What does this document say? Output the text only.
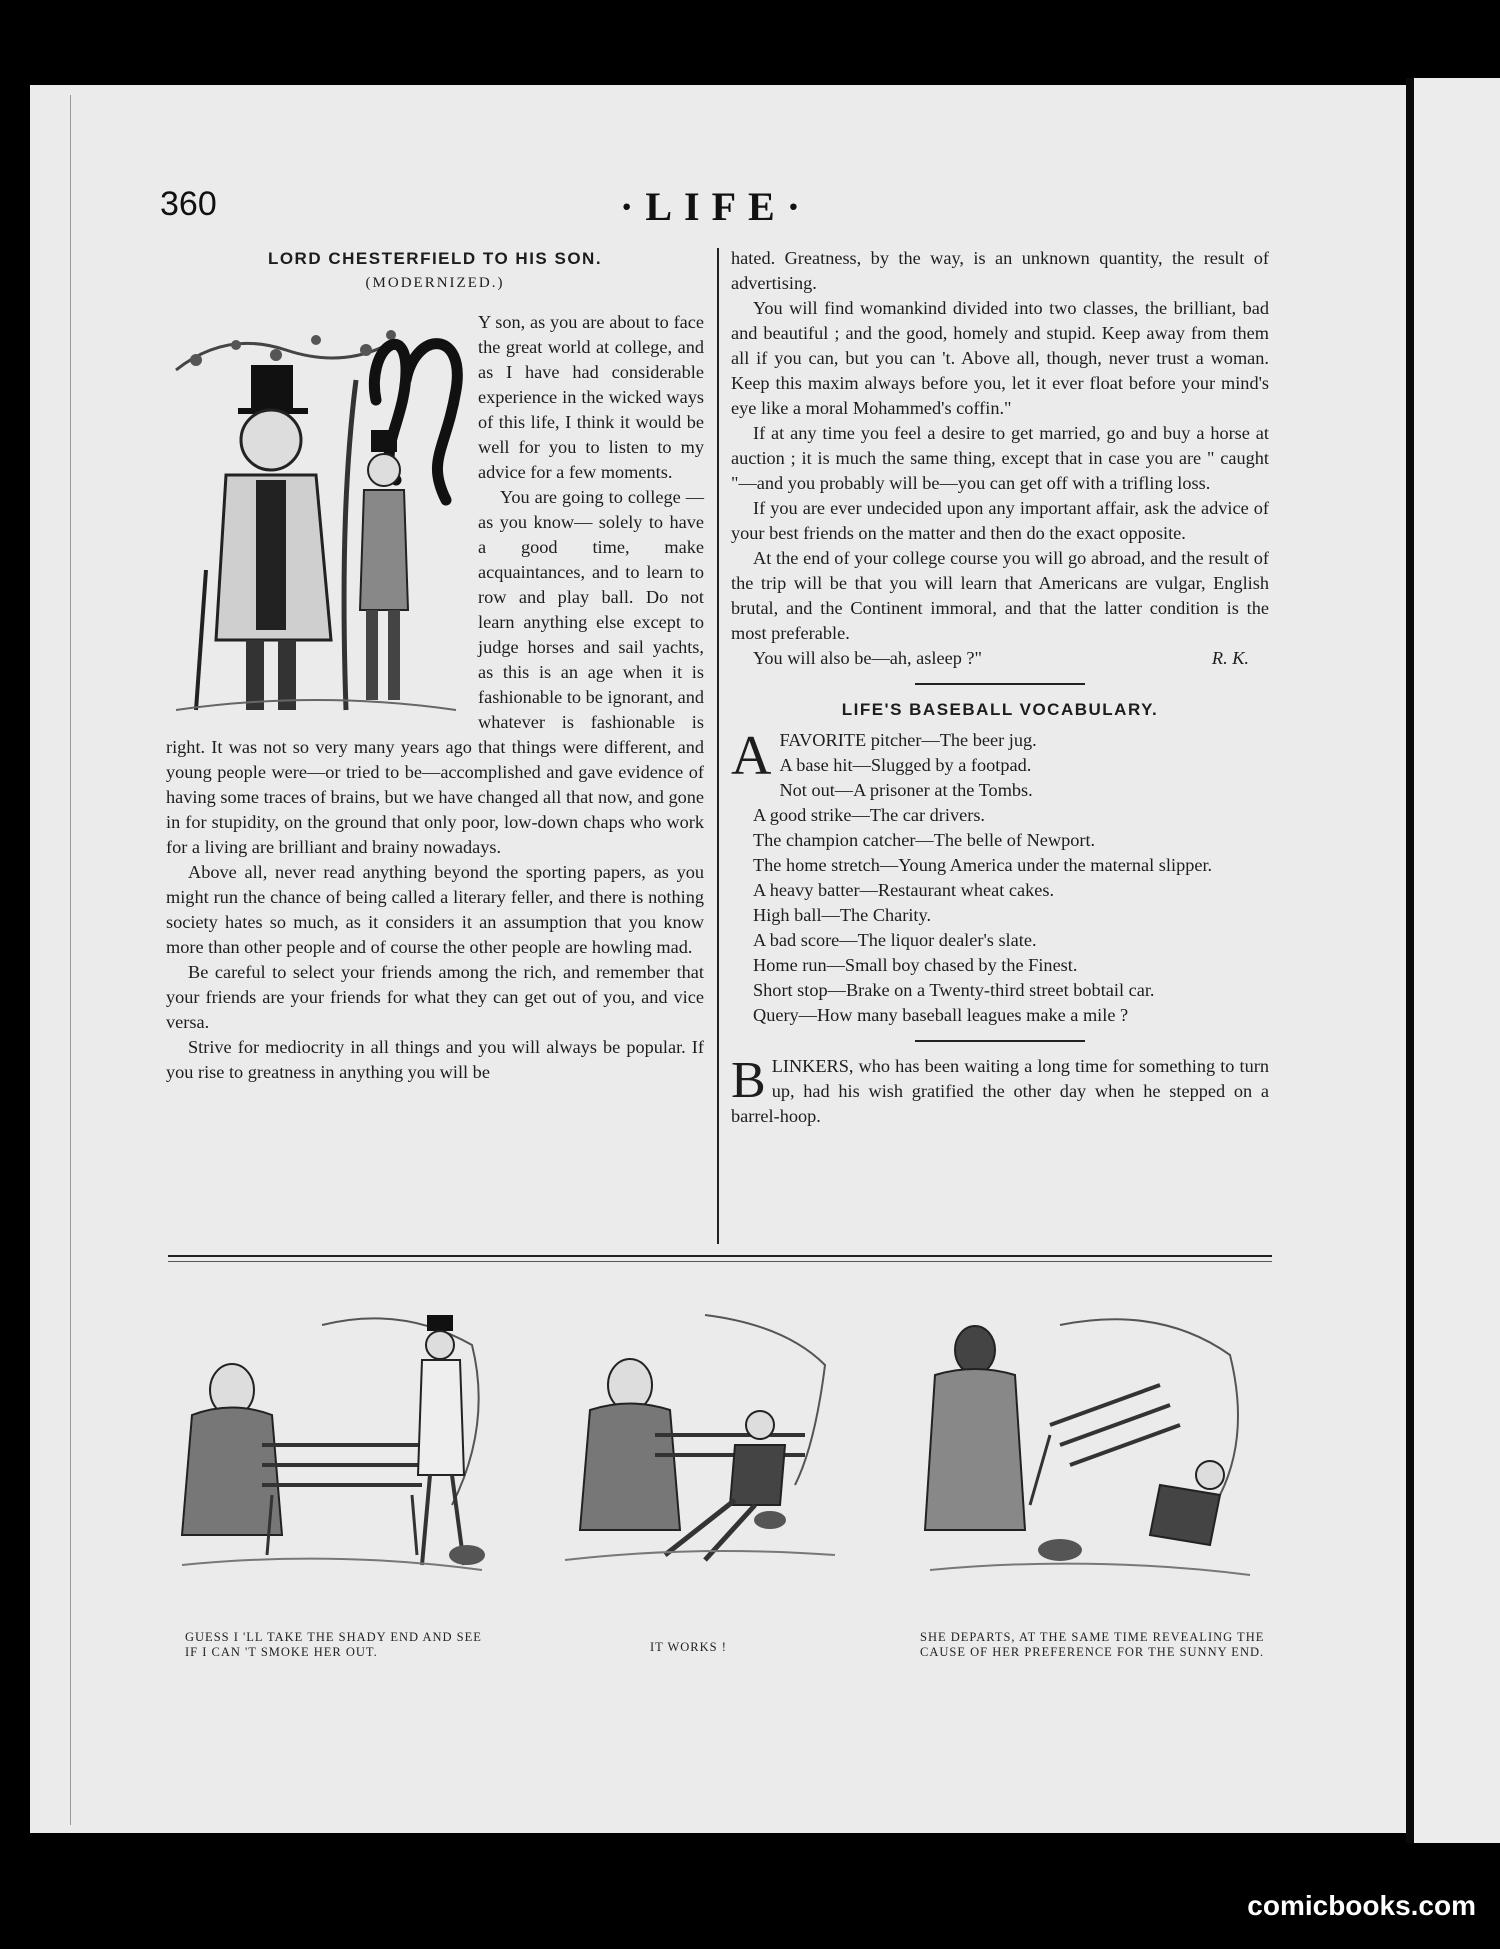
360	·LIFE·

LORD CHESTERFIELD TO HIS SON.

(MODERNIZED.)

Y son, as you are about to face the great world at college, and as I have had considerable experience in the wicked ways of this life, I think it would be well for you to listen to my advice for a few moments.

You are going to college — as you know— solely to have a good time, make acquaintances, and to learn to row and play ball. Do not learn anything else except to judge horses and sail yachts, as this is an age when it is fashionable to be ignorant, and whatever is fashionable is right. It was not so very many years ago that things were different, and young people were—or tried to be—accomplished and gave evidence of having some traces of brains, but we have changed all that now, and gone in for stupidity, on the ground that only poor, low-down chaps who work for a living are brilliant and brainy nowadays.

Above all, never read anything beyond the sporting papers, as you might run the chance of being called a literary feller, and there is nothing society hates so much, as it considers it an assumption that you know more than other people and of course the other people are howling mad.

Be careful to select your friends among the rich, and remember that your friends are your friends for what they can get out of you, and vice versa.

Strive for mediocrity in all things and you will always be popular. If you rise to greatness in anything you will be

hated. Greatness, by the way, is an unknown quantity, the result of advertising.

You will find womankind divided into two classes, the brilliant, bad and beautiful ; and the good, homely and stupid. Keep away from them all if you can, but you can 't. Above all, though, never trust a woman. Keep this maxim always before you, let it ever float before your mind's eye like a moral Mohammed's coffin."

If at any time you feel a desire to get married, go and buy a horse at auction ; it is much the same thing, except that in case you are " caught "—and you probably will be—you can get off with a trifling loss.

If you are ever undecided upon any important affair, ask the advice of your best friends on the matter and then do the exact opposite.

At the end of your college course you will go abroad, and the result of the trip will be that you will learn that Americans are vulgar, English brutal, and the Continent immoral, and that the latter condition is the most preferable.

You will also be—ah, asleep ?"	R. K.

LIFE'S BASEBALL VOCABULARY.

A FAVORITE pitcher—The beer jug.

A base hit—Slugged by a footpad.

Not out—A prisoner at the Tombs.

A good strike—The car drivers.

The champion catcher—The belle of Newport.

The home stretch—Young America under the maternal slipper.

A heavy batter—Restaurant wheat cakes.

High ball—The Charity.

A bad score—The liquor dealer's slate.

Home run—Small boy chased by the Finest.

Short stop—Brake on a Twenty-third street bobtail car.

Query—How many baseball leagues make a mile ?

B LINKERS, who has been waiting a long time for something to turn up, had his wish gratified the other day when he stepped on a barrel-hoop.

GUESS I 'LL TAKE THE SHADY END AND SEE IF I CAN 'T SMOKE HER OUT.	IT WORKS !
SHE DEPARTS, AT THE SAME TIME REVEALING THE CAUSE OF HER PREFERENCE FOR THE SUNNY END.
comicbooks.com
